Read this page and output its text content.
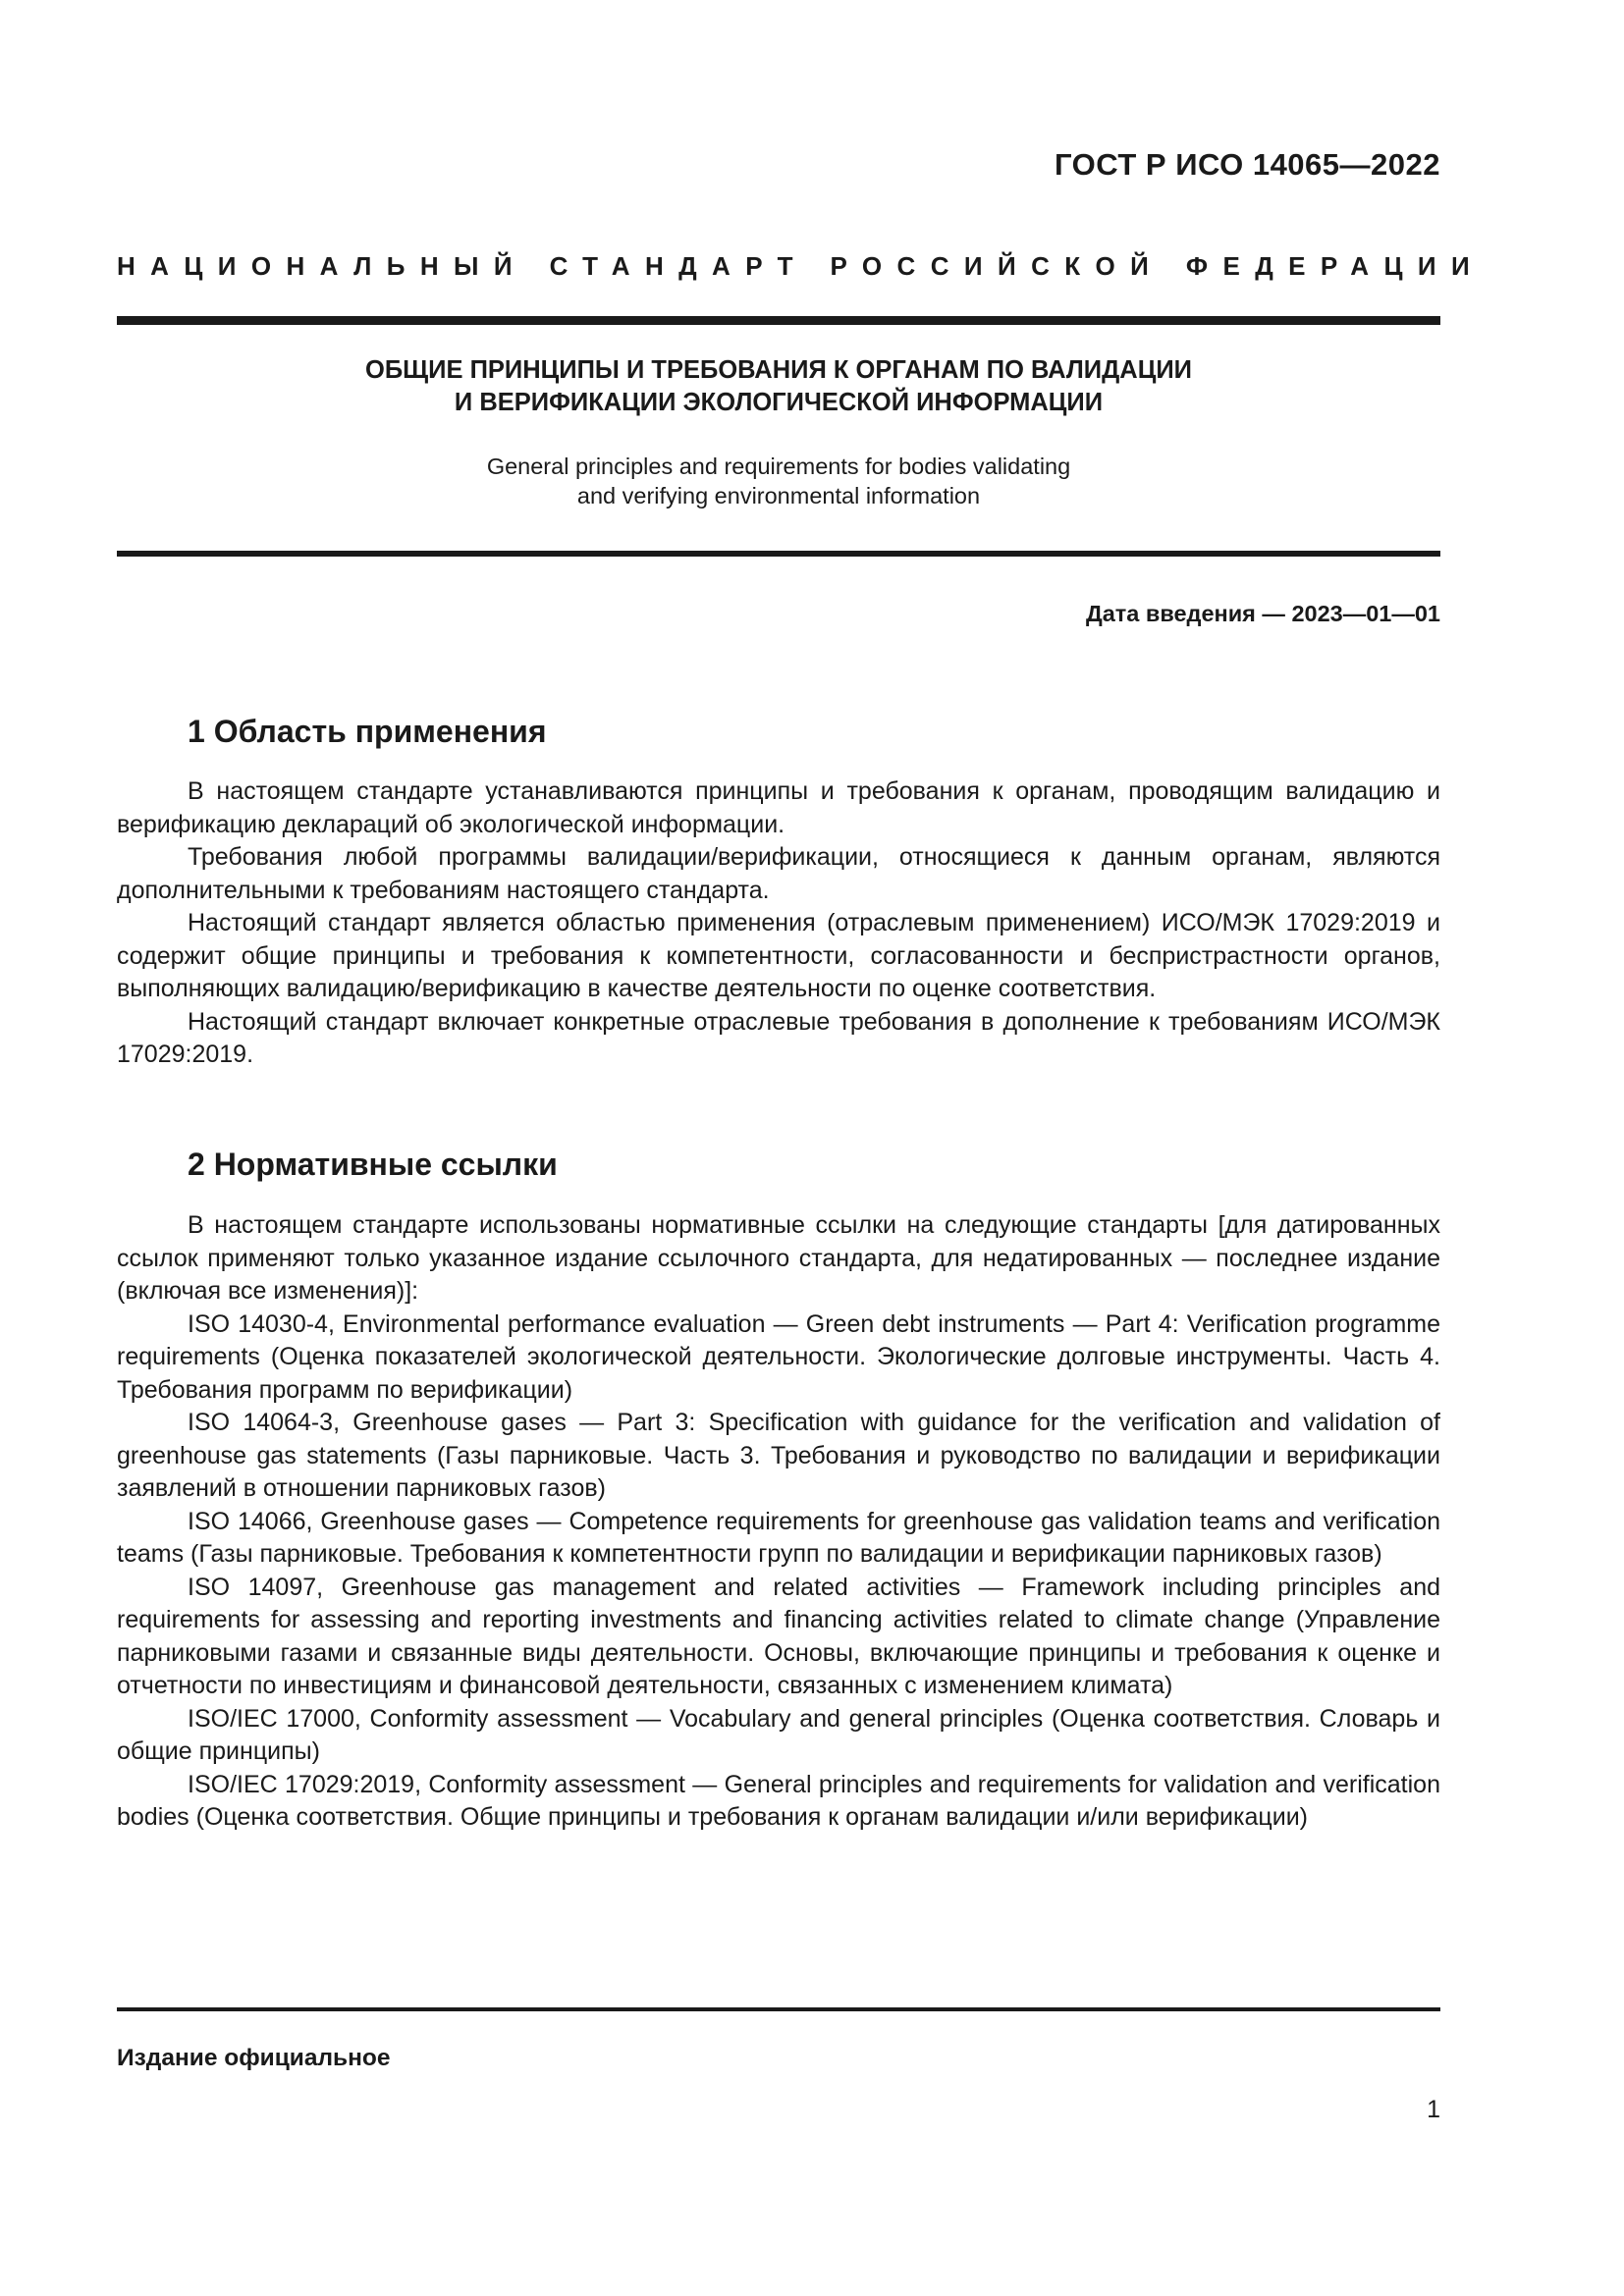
ГОСТ Р ИСО 14065—2022
НАЦИОНАЛЬНЫЙ СТАНДАРТ РОССИЙСКОЙ ФЕДЕРАЦИИ
ОБЩИЕ ПРИНЦИПЫ И ТРЕБОВАНИЯ К ОРГАНАМ ПО ВАЛИДАЦИИ
И ВЕРИФИКАЦИИ ЭКОЛОГИЧЕСКОЙ ИНФОРМАЦИИ
General principles and requirements for bodies validating
and verifying environmental information
Дата введения — 2023—01—01
1 Область применения

В настоящем стандарте устанавливаются принципы и требования к органам, проводящим валидацию и верификацию деклараций об экологической информации.

Требования любой программы валидации/верификации, относящиеся к данным органам, являются дополнительными к требованиям настоящего стандарта.

Настоящий стандарт является областью применения (отраслевым применением) ИСО/МЭК 17029:2019 и содержит общие принципы и требования к компетентности, согласованности и беспристрастности органов, выполняющих валидацию/верификацию в качестве деятельности по оценке соответствия.

Настоящий стандарт включает конкретные отраслевые требования в дополнение к требованиям ИСО/МЭК 17029:2019.

2 Нормативные ссылки

В настоящем стандарте использованы нормативные ссылки на следующие стандарты [для датированных ссылок применяют только указанное издание ссылочного стандарта, для недатированных — последнее издание (включая все изменения)]:

ISO 14030-4, Environmental performance evaluation — Green debt instruments — Part 4: Verification programme requirements (Оценка показателей экологической деятельности. Экологические долговые инструменты. Часть 4. Требования программ по верификации)

ISO 14064-3, Greenhouse gases — Part 3: Specification with guidance for the verification and validation of greenhouse gas statements (Газы парниковые. Часть 3. Требования и руководство по валидации и верификации заявлений в отношении парниковых газов)

ISO 14066, Greenhouse gases — Competence requirements for greenhouse gas validation teams and verification teams (Газы парниковые. Требования к компетентности групп по валидации и верификации парниковых газов)

ISO 14097, Greenhouse gas management and related activities — Framework including principles and requirements for assessing and reporting investments and financing activities related to climate change (Управление парниковыми газами и связанные виды деятельности. Основы, включающие принципы и требования к оценке и отчетности по инвестициям и финансовой деятельности, связанных с изменением климата)

ISO/IEC 17000, Conformity assessment — Vocabulary and general principles (Оценка соответствия. Словарь и общие принципы)

ISO/IEC 17029:2019, Conformity assessment — General principles and requirements for validation and verification bodies (Оценка соответствия. Общие принципы и требования к органам валидации и/или верификации)

Издание официальное
1
